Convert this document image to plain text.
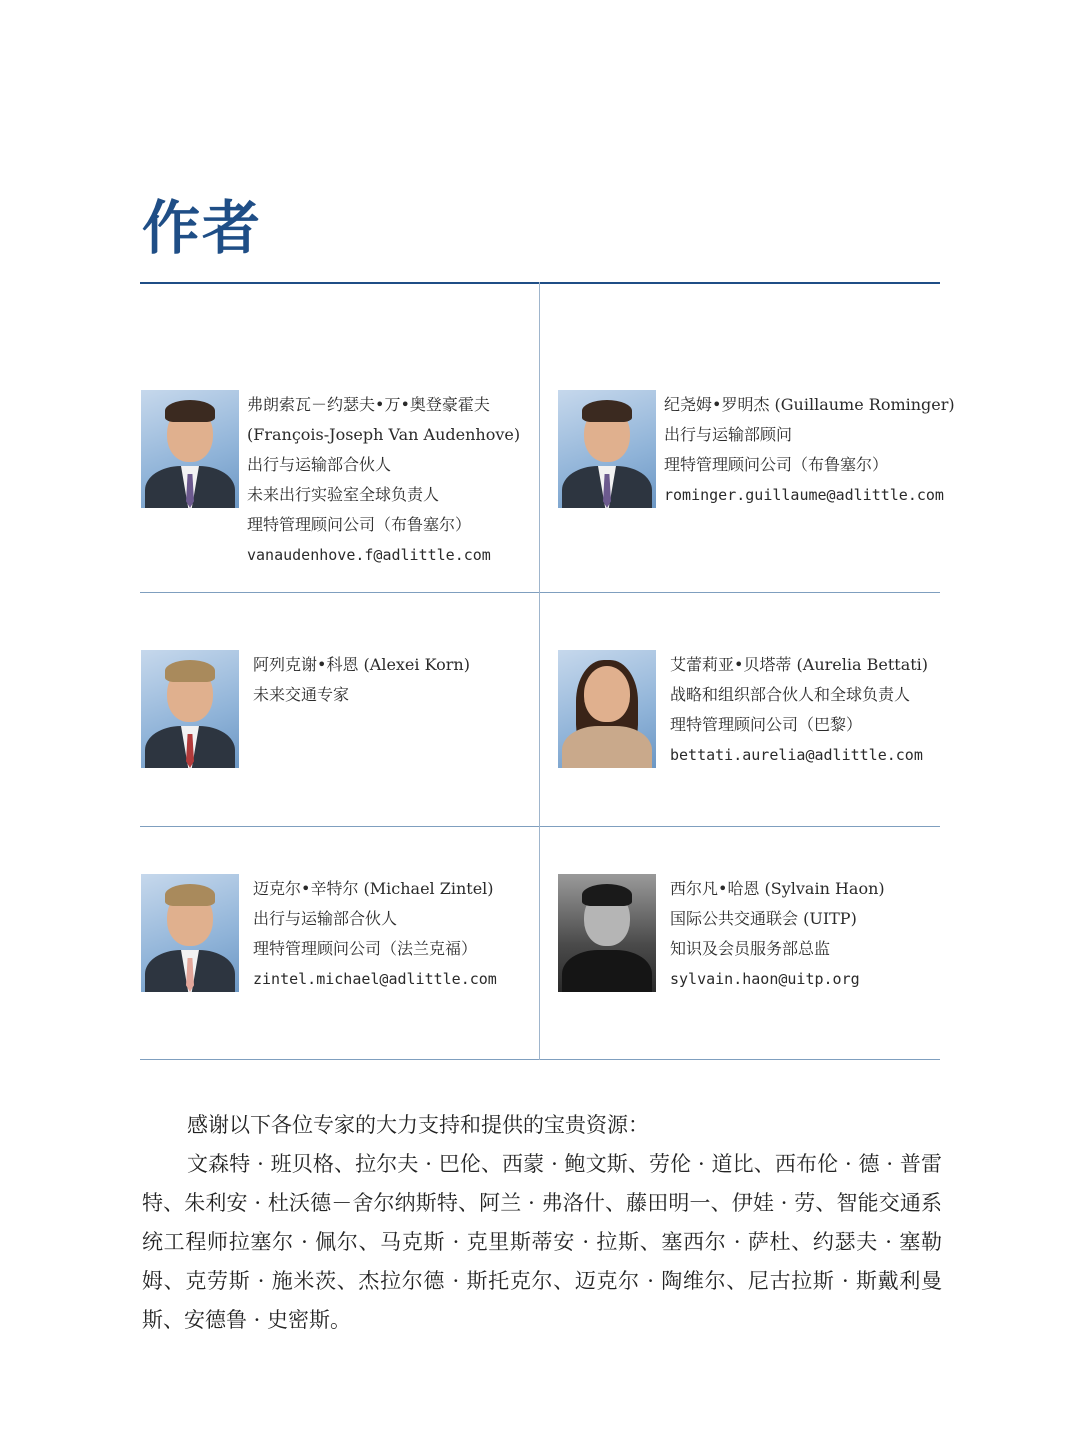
作者
弗朗索瓦－约瑟夫•万•奥登豪霍夫
(François-Joseph Van Audenhove)
出行与运输部合伙人
未来出行实验室全球负责人
理特管理顾问公司（布鲁塞尔）
vanaudenhove.f@adlittle.com
纪尧姆•罗明杰 (Guillaume Rominger)
出行与运输部顾问
理特管理顾问公司（布鲁塞尔）
rominger.guillaume@adlittle.com
阿列克谢•科恩 (Alexei Korn)
未来交通专家
艾蕾莉亚•贝塔蒂 (Aurelia Bettati)
战略和组织部合伙人和全球负责人
理特管理顾问公司（巴黎）
bettati.aurelia@adlittle.com
迈克尔•辛特尔 (Michael Zintel)
出行与运输部合伙人
理特管理顾问公司（法兰克福）
zintel.michael@adlittle.com
西尔凡•哈恩 (Sylvain Haon)
国际公共交通联会 (UITP)
知识及会员服务部总监
sylvain.haon@uitp.org
感谢以下各位专家的大力支持和提供的宝贵资源：
文森特 · 班贝格、拉尔夫 · 巴伦、西蒙 · 鲍文斯、劳伦 · 道比、西布伦 · 德 · 普雷特、朱利安 · 杜沃德－舍尔纳斯特、阿兰 · 弗洛什、藤田明一、伊娃 · 劳、智能交通系统工程师拉塞尔 · 佩尔、马克斯 · 克里斯蒂安 · 拉斯、塞西尔 · 萨杜、约瑟夫 · 塞勒姆、克劳斯 · 施米茨、杰拉尔德 · 斯托克尔、迈克尔 · 陶维尔、尼古拉斯 · 斯戴利曼斯、安德鲁 · 史密斯。
